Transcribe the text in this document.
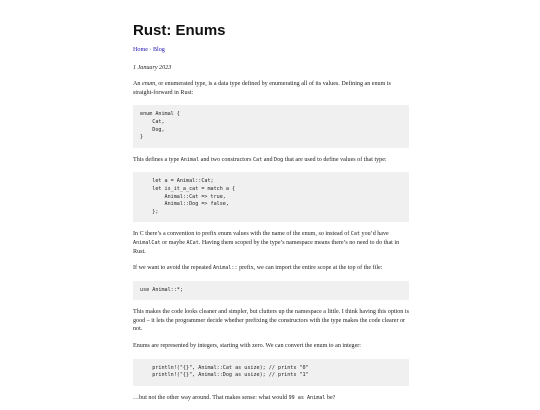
Rust: Enums

Home · Blog

1 January 2023

An enum, or enumerated type, is a data type defined by enumerating all of its values. Defining an enum is straight-forward in Rust:

enum Animal {
Cat,
Dog,
}

This defines a type Animal and two constructors Cat and Dog that are used to define values of that type:

let a = Animal::Cat;
let is_it_a_cat = match a {
Animal::Cat => true,
Animal::Dog => false,
};

In C there’s a convention to prefix enum values with the name of the enum, so instead of Cat you’d have AnimalCat or maybe ACat. Having them scoped by the type’s namespace means there’s no need to do that in Rust.

If we want to avoid the repeated Animal:: prefix, we can import the entire scope at the top of the file:

use Animal::*;

This makes the code looks cleaner and simpler, but clutters up the namespace a little. I think having this option is good – it lets the programmer decide whether prefixing the constructors with the type makes the code clearer or not.

Enums are represented by integers, starting with zero. We can convert the enum to an integer:

println!("{}", Animal::Cat as usize); // prints "0"
println!("{}", Animal::Dog as usize); // prints "1"

…but not the other way around. That makes sense: what would 99 as Animal be?
